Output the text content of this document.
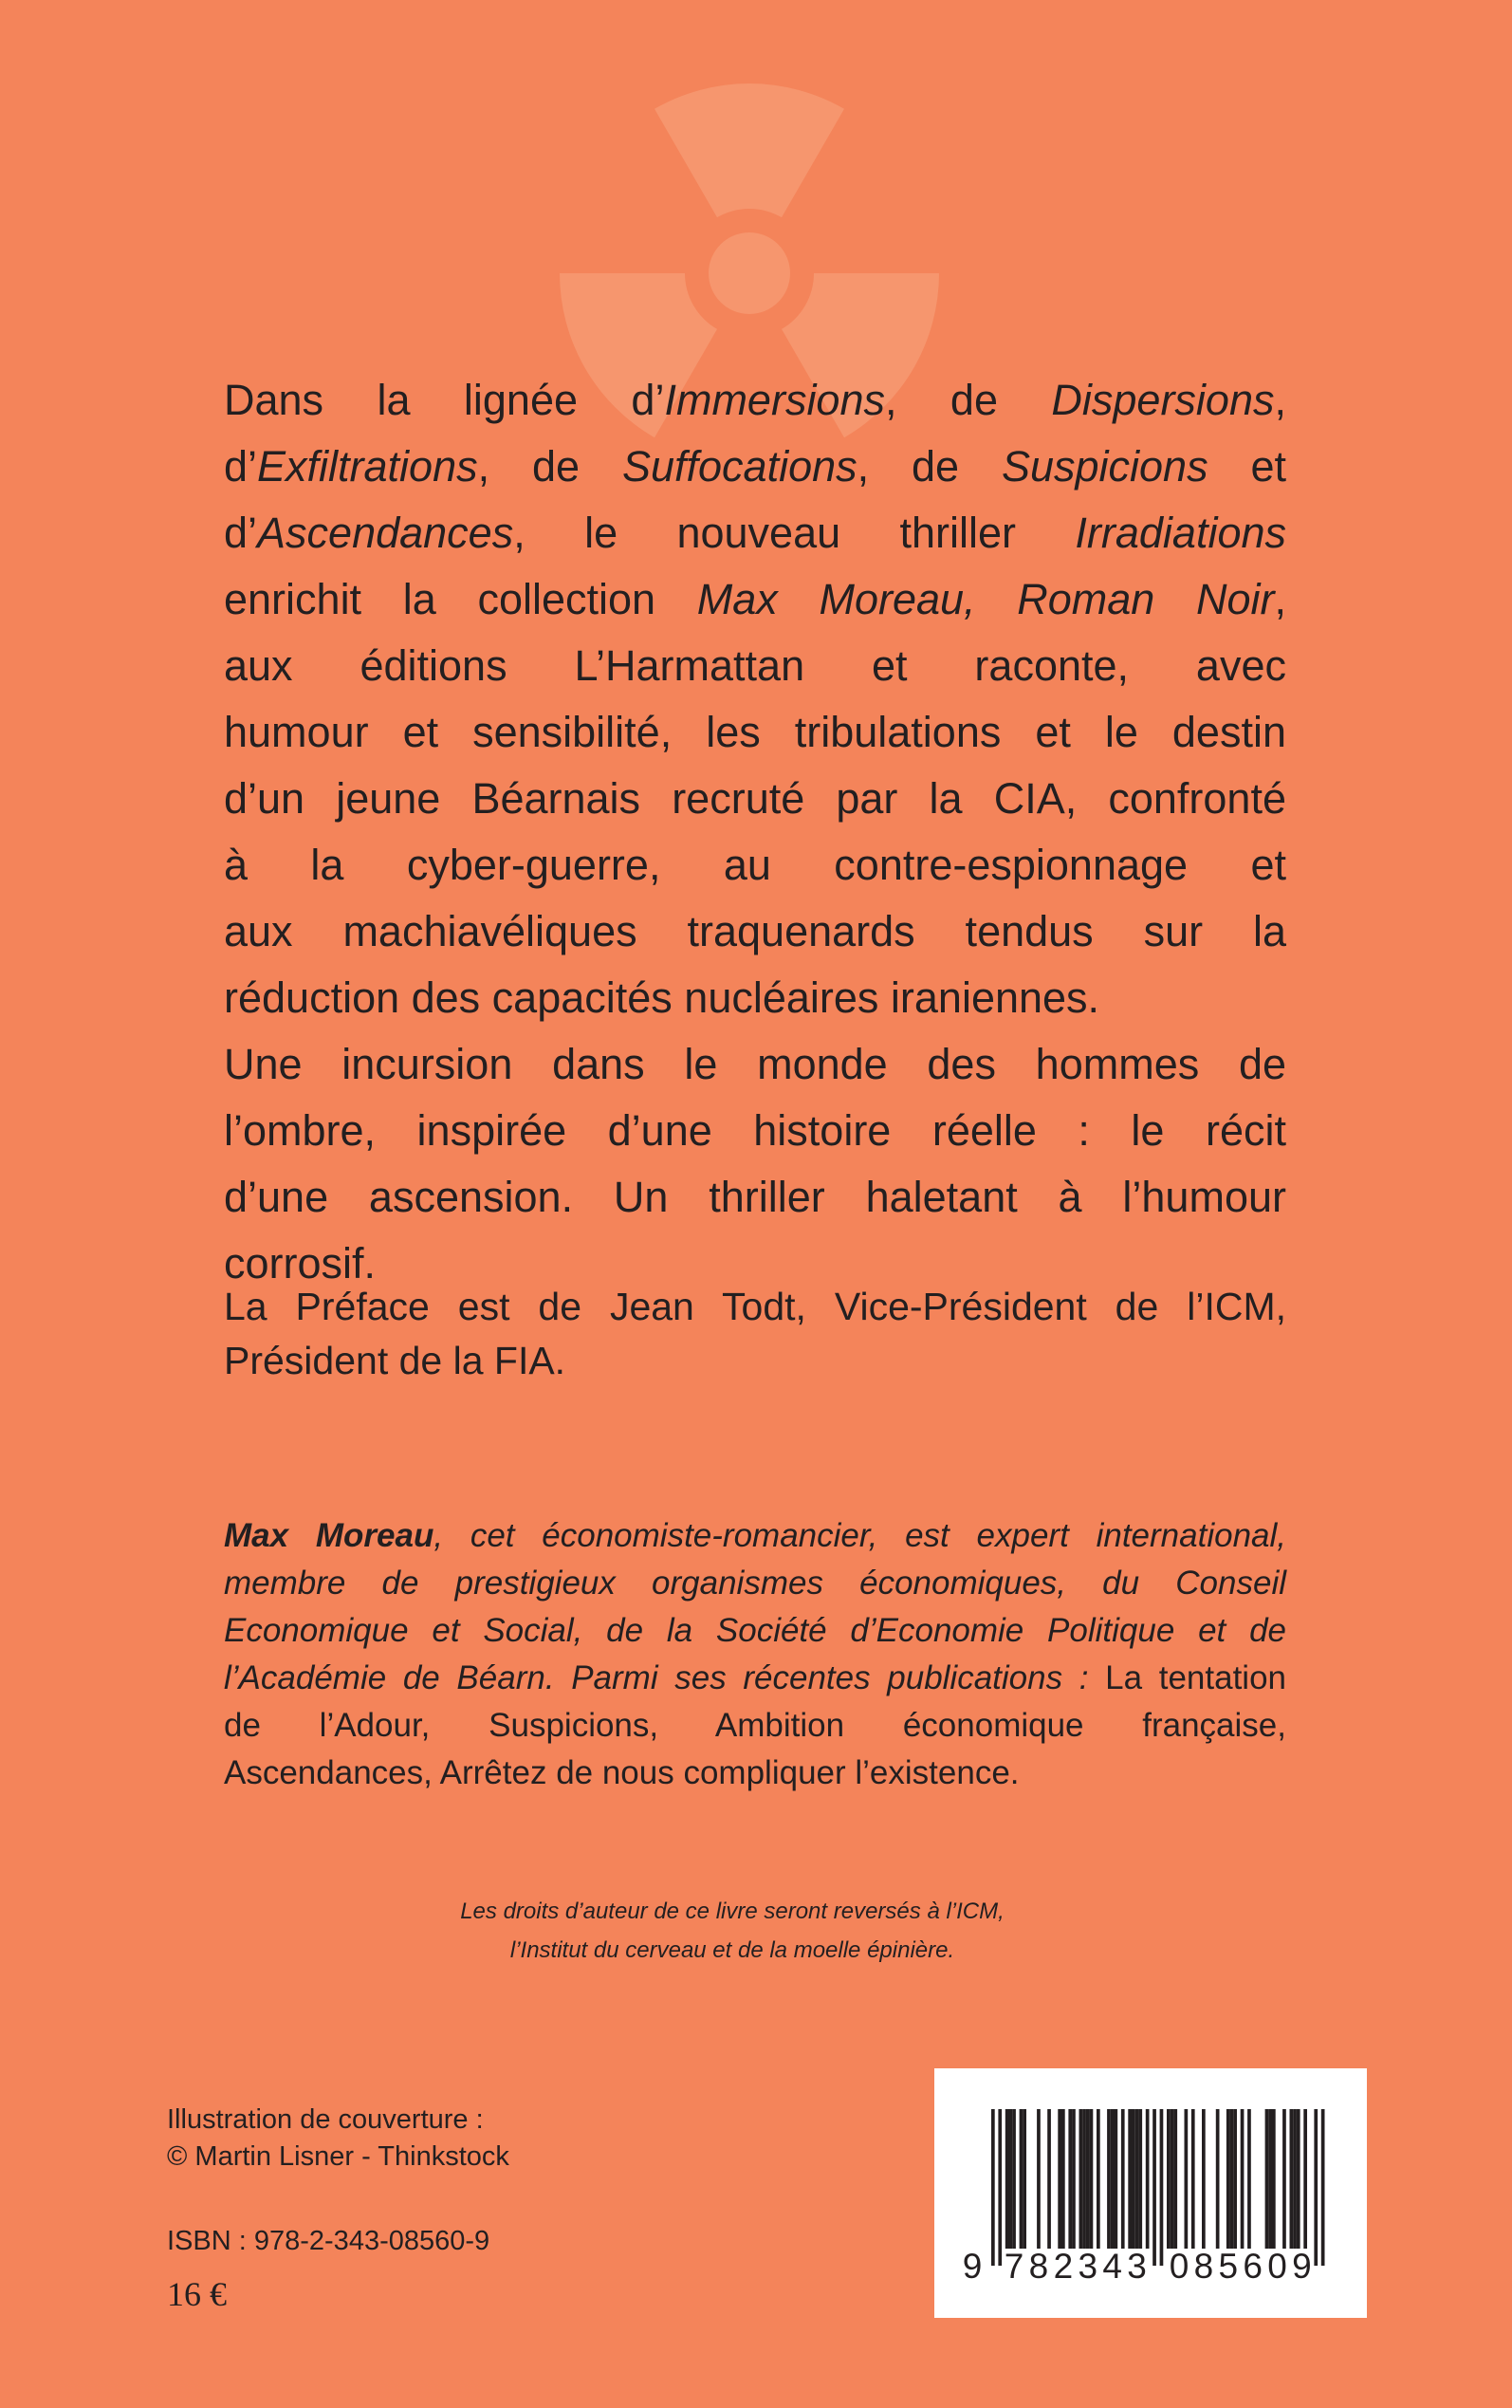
Dans la lignée d’Immersions, de Dispersions,
d’Exfiltrations, de Suffocations, de Suspicions et
d’Ascendances, le nouveau thriller Irradiations
enrichit la collection Max Moreau, Roman Noir,
aux éditions L’Harmattan et raconte, avec
humour et sensibilité, les tribulations et le destin
d’un jeune Béarnais recruté par la CIA, confronté
à la cyber-guerre, au contre-espionnage et
aux machiavéliques traquenards tendus sur la
réduction des capacités nucléaires iraniennes.
Une incursion dans le monde des hommes de
l’ombre, inspirée d’une histoire réelle : le récit
d’une ascension. Un thriller haletant à l’humour
corrosif.
La Préface est de Jean Todt, Vice-Président de l’ICM,
Président de la FIA.
Max Moreau, cet économiste-romancier, est expert international,
membre de prestigieux organismes économiques, du Conseil
Economique et Social, de la Société d’Economie Politique et de
l’Académie de Béarn. Parmi ses récentes publications : La tentation
de l’Adour, Suspicions, Ambition économique française,
Ascendances, Arrêtez de nous compliquer l’existence.
Les droits d’auteur de ce livre seront reversés à l’ICM,
l’Institut du cerveau et de la moelle épinière.
Illustration de couverture :
© Martin Lisner - Thinkstock
ISBN : 978-2-343-08560-9
16 €
9 782343 085609
